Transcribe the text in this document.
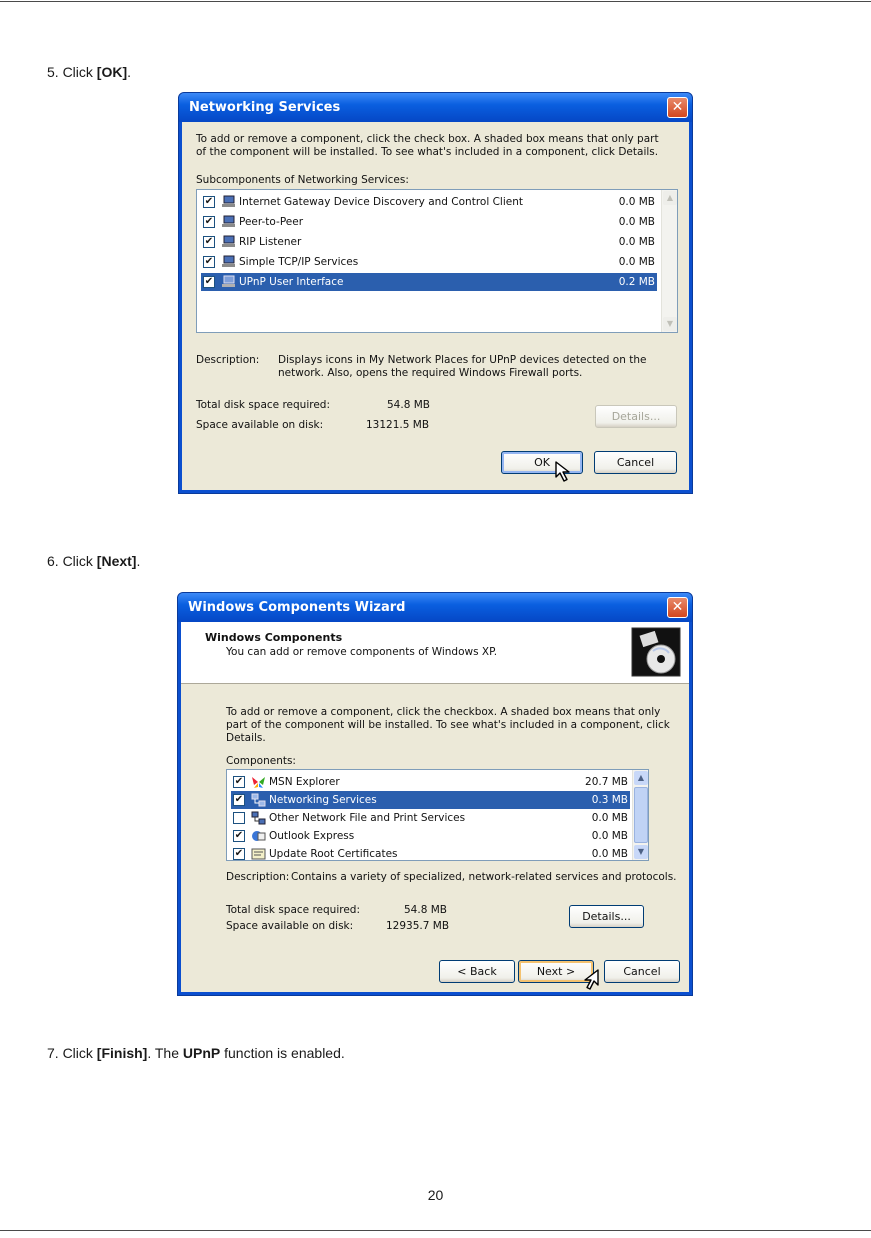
5. Click [OK].
Networking Services	✕
To add or remove a component, click the check box. A shaded box means that only part
of the component will be installed. To see what's included in a component, click Details.
Subcomponents of Networking Services:
✔ Internet Gateway Device Discovery and Control Client	0.0 MB
✔ Peer-to-Peer	0.0 MB
✔ RIP Listener	0.0 MB
✔ Simple TCP/IP Services	0.0 MB
✔ UPnP User Interface	0.2 MB
▲
▼
Description: Displays icons in My Network Places for UPnP devices detected on the
network. Also, opens the required Windows Firewall ports.
Total disk space required:	54.8 MB
Space available on disk:	13121.5 MB
Details...
OK	Cancel
6. Click [Next].
Windows Components Wizard	✕
Windows Components
You can add or remove components of Windows XP.
To add or remove a component, click the checkbox. A shaded box means that only
part of the component will be installed. To see what's included in a component, click
Details.
Components:
✔ MSN Explorer	20.7 MB
✔ Networking Services	0.3 MB
Other Network File and Print Services	0.0 MB
✔ Outlook Express	0.0 MB
✔ Update Root Certificates	0.0 MB
▲
▼
Description: Contains a variety of specialized, network-related services and protocols.
Total disk space required:	54.8 MB
Space available on disk:	12935.7 MB
Details...
< Back	Next >	Cancel
7. Click [Finish]. The UPnP function is enabled.
20
